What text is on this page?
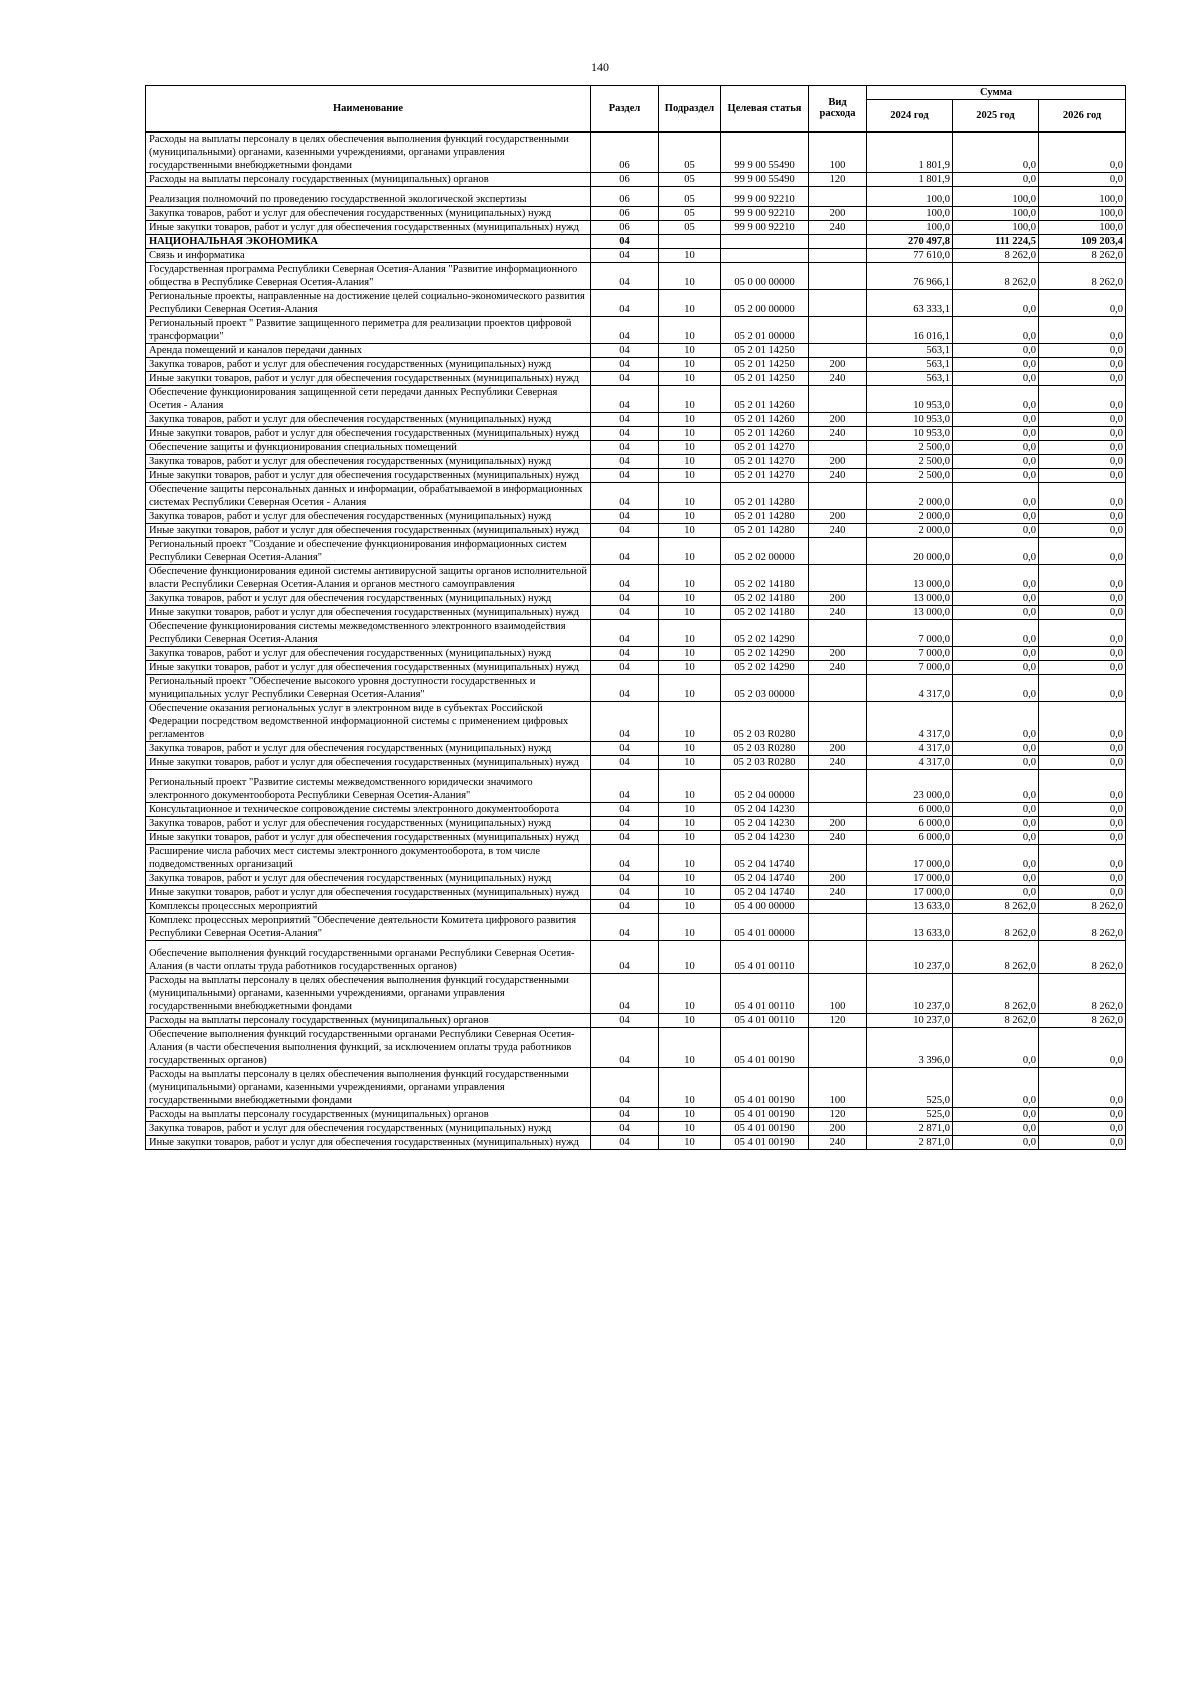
140
Наименование	Раздел	Подраздел	Целевая статья	Вид расхода	Сумма		
					2024 год	2025 год	2026 год
Расходы на выплаты персоналу в целях обеспечения выполнения функций государственными (муниципальными) органами, казенными учреждениями, органами управления государственными внебюджетными фондами	06	05	99 9 00 55490	100	1 801,9	0,0	0,0
Расходы на выплаты персоналу государственных (муниципальных) органов	06	05	99 9 00 55490	120	1 801,9	0,0	0,0
Реализация полномочий по проведению государственной экологической экспертизы	06	05	99 9 00 92210		100,0	100,0	100,0
Закупка товаров, работ и услуг для обеспечения государственных (муниципальных) нужд	06	05	99 9 00 92210	200	100,0	100,0	100,0
Иные закупки товаров, работ и услуг для обеспечения государственных (муниципальных) нужд	06	05	99 9 00 92210	240	100,0	100,0	100,0
НАЦИОНАЛЬНАЯ ЭКОНОМИКА	04				270 497,8	111 224,5	109 203,4
Связь и информатика	04	10			77 610,0	8 262,0	8 262,0
Государственная программа Республики Северная Осетия-Алания "Развитие информационного общества в Республике Северная Осетия-Алания"	04	10	05 0 00 00000		76 966,1	8 262,0	8 262,0
Региональные проекты, направленные на достижение целей социально-экономического развития Республики Северная Осетия-Алания	04	10	05 2 00 00000		63 333,1	0,0	0,0
Региональный проект " Развитие защищенного периметра для реализации проектов цифровой трансформации"	04	10	05 2 01 00000		16 016,1	0,0	0,0
Аренда помещений и каналов передачи данных	04	10	05 2 01 14250		563,1	0,0	0,0
Закупка товаров, работ и услуг для обеспечения государственных (муниципальных) нужд	04	10	05 2 01 14250	200	563,1	0,0	0,0
Иные закупки товаров, работ и услуг для обеспечения государственных (муниципальных) нужд	04	10	05 2 01 14250	240	563,1	0,0	0,0
Обеспечение функционирования защищенной сети передачи данных Республики Северная Осетия - Алания	04	10	05 2 01 14260		10 953,0	0,0	0,0
Закупка товаров, работ и услуг для обеспечения государственных (муниципальных) нужд	04	10	05 2 01 14260	200	10 953,0	0,0	0,0
Иные закупки товаров, работ и услуг для обеспечения государственных (муниципальных) нужд	04	10	05 2 01 14260	240	10 953,0	0,0	0,0
Обеспечение защиты и функционирования специальных помещений	04	10	05 2 01 14270		2 500,0	0,0	0,0
Закупка товаров, работ и услуг для обеспечения государственных (муниципальных) нужд	04	10	05 2 01 14270	200	2 500,0	0,0	0,0
Иные закупки товаров, работ и услуг для обеспечения государственных (муниципальных) нужд	04	10	05 2 01 14270	240	2 500,0	0,0	0,0
Обеспечение защиты персональных данных и информации, обрабатываемой в информационных системах Республики Северная Осетия - Алания	04	10	05 2 01 14280		2 000,0	0,0	0,0
Закупка товаров, работ и услуг для обеспечения государственных (муниципальных) нужд	04	10	05 2 01 14280	200	2 000,0	0,0	0,0
Иные закупки товаров, работ и услуг для обеспечения государственных (муниципальных) нужд	04	10	05 2 01 14280	240	2 000,0	0,0	0,0
Региональный проект "Создание и обеспечение функционирования информационных систем Республики Северная Осетия-Алания"	04	10	05 2 02 00000		20 000,0	0,0	0,0
Обеспечение функционирования единой системы антивирусной защиты органов исполнительной власти Республики Северная Осетия-Алания и органов местного самоуправления	04	10	05 2 02 14180		13 000,0	0,0	0,0
Закупка товаров, работ и услуг для обеспечения государственных (муниципальных) нужд	04	10	05 2 02 14180	200	13 000,0	0,0	0,0
Иные закупки товаров, работ и услуг для обеспечения государственных (муниципальных) нужд	04	10	05 2 02 14180	240	13 000,0	0,0	0,0
Обеспечение функционирования системы межведомственного электронного взаимодействия Республики Северная Осетия-Алания	04	10	05 2 02 14290		7 000,0	0,0	0,0
Закупка товаров, работ и услуг для обеспечения государственных (муниципальных) нужд	04	10	05 2 02 14290	200	7 000,0	0,0	0,0
Иные закупки товаров, работ и услуг для обеспечения государственных (муниципальных) нужд	04	10	05 2 02 14290	240	7 000,0	0,0	0,0
Региональный проект "Обеспечение высокого уровня доступности государственных и муниципальных услуг Республики Северная Осетия-Алания"	04	10	05 2 03 00000		4 317,0	0,0	0,0
Обеспечение оказания региональных услуг в электронном виде в субъектах Российской Федерации посредством ведомственной информационной системы с применением цифровых регламентов	04	10	05 2 03 R0280		4 317,0	0,0	0,0
Закупка товаров, работ и услуг для обеспечения государственных (муниципальных) нужд	04	10	05 2 03 R0280	200	4 317,0	0,0	0,0
Иные закупки товаров, работ и услуг для обеспечения государственных (муниципальных) нужд	04	10	05 2 03 R0280	240	4 317,0	0,0	0,0
Региональный проект "Развитие системы межведомственного юридически значимого электронного документооборота Республики Северная Осетия-Алания"	04	10	05 2 04 00000		23 000,0	0,0	0,0
Консультационное и техническое сопровождение системы электронного документооборота	04	10	05 2 04 14230		6 000,0	0,0	0,0
Закупка товаров, работ и услуг для обеспечения государственных (муниципальных) нужд	04	10	05 2 04 14230	200	6 000,0	0,0	0,0
Иные закупки товаров, работ и услуг для обеспечения государственных (муниципальных) нужд	04	10	05 2 04 14230	240	6 000,0	0,0	0,0
Расширение числа рабочих мест системы электронного документооборота, в том числе подведомственных организаций	04	10	05 2 04 14740		17 000,0	0,0	0,0
Закупка товаров, работ и услуг для обеспечения государственных (муниципальных) нужд	04	10	05 2 04 14740	200	17 000,0	0,0	0,0
Иные закупки товаров, работ и услуг для обеспечения государственных (муниципальных) нужд	04	10	05 2 04 14740	240	17 000,0	0,0	0,0
Комплексы процессных мероприятий	04	10	05 4 00 00000		13 633,0	8 262,0	8 262,0
Комплекс процессных мероприятий "Обеспечение деятельности Комитета цифрового развития Республики Северная Осетия-Алания"	04	10	05 4 01 00000		13 633,0	8 262,0	8 262,0
Обеспечение выполнения функций государственными органами Республики Северная Осетия-Алания (в части оплаты труда работников государственных органов)	04	10	05 4 01 00110		10 237,0	8 262,0	8 262,0
Расходы на выплаты персоналу в целях обеспечения выполнения функций государственными (муниципальными) органами, казенными учреждениями, органами управления государственными внебюджетными фондами	04	10	05 4 01 00110	100	10 237,0	8 262,0	8 262,0
Расходы на выплаты персоналу государственных (муниципальных) органов	04	10	05 4 01 00110	120	10 237,0	8 262,0	8 262,0
Обеспечение выполнения функций государственными органами Республики Северная Осетия-Алания (в части обеспечения выполнения функций, за исключением оплаты труда работников государственных органов)	04	10	05 4 01 00190		3 396,0	0,0	0,0
Расходы на выплаты персоналу в целях обеспечения выполнения функций государственными (муниципальными) органами, казенными учреждениями, органами управления государственными внебюджетными фондами	04	10	05 4 01 00190	100	525,0	0,0	0,0
Расходы на выплаты персоналу государственных (муниципальных) органов	04	10	05 4 01 00190	120	525,0	0,0	0,0
Закупка товаров, работ и услуг для обеспечения государственных (муниципальных) нужд	04	10	05 4 01 00190	200	2 871,0	0,0	0,0
Иные закупки товаров, работ и услуг для обеспечения государственных (муниципальных) нужд	04	10	05 4 01 00190	240	2 871,0	0,0	0,0
